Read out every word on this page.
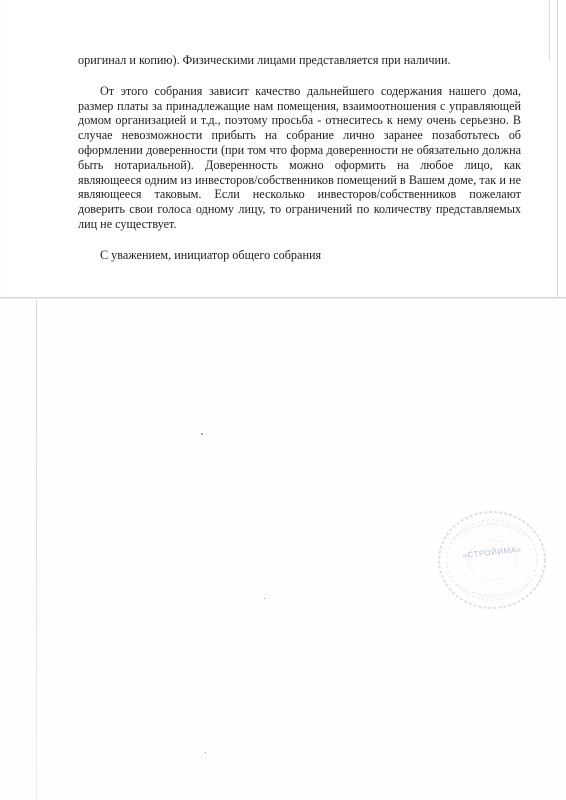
оригинал и копию). Физическими лицами представляется при наличии.

От этого собрания зависит качество дальнейшего содержания нашего дома, размер платы за принадлежащие нам помещения, взаимоотношения с управляющей домом организацией и т.д., поэтому просьба - отнеситесь к нему очень серьезно. В случае невозможности прибыть на собрание лично заранее позаботьтесь об оформлении доверенности (при том что форма доверенности не обязательно должна быть нотариальной). Доверенность можно оформить на любое лицо, как являющееся одним из инвесторов/собственников помещений в Вашем доме, так и не являющееся таковым. Если несколько инвесторов/собственников пожелают доверить свои голоса одному лицу, то ограничений по количеству представляемых лиц не существует.

С уважением, инициатор общего собрания

«СТРОЙИМА»
